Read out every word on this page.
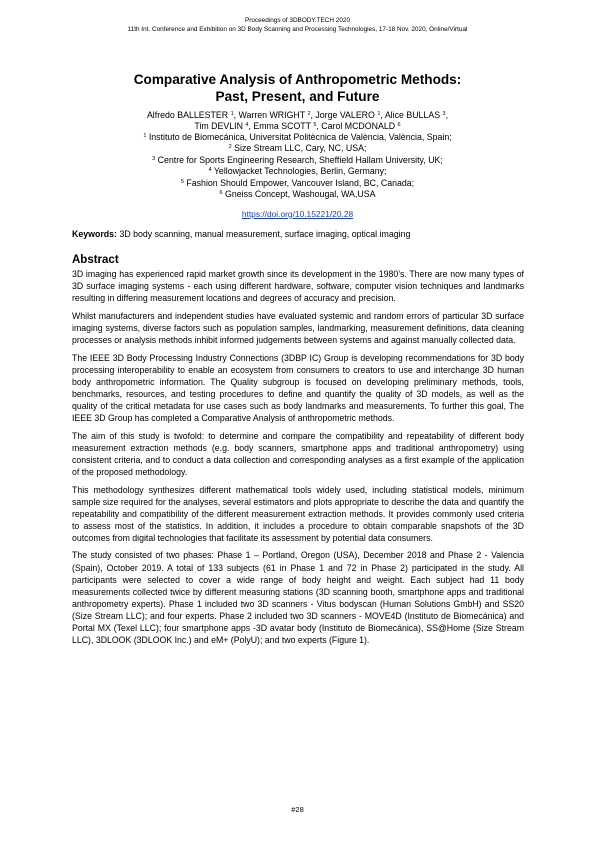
Proceedings of 3DBODY.TECH 2020
11th Int. Conference and Exhibition on 3D Body Scanning and Processing Technologies, 17-18 Nov. 2020, Online/Virtual
Comparative Analysis of Anthropometric Methods:
Past, Present, and Future
Alfredo BALLESTER $^1$, Warren WRIGHT $^2$, Jorge VALERO $^1$, Alice BULLAS $^3$,
Tim DEVLIN $^4$, Emma SCOTT $^5$, Carol MCDONALD $^6$
$^1$ Instituto de Biomecánica, Universitat Politècnica de València, València, Spain;
$^2$ Size Stream LLC, Cary, NC, USA;
$^3$ Centre for Sports Engineering Research, Sheffield Hallam University, UK;
$^4$ Yellowjacket Technologies, Berlin, Germany;
$^5$ Fashion Should Empower, Vancouver Island, BC, Canada;
$^6$ Gneiss Concept, Washougal, WA,USA
https://doi.org/10.15221/20.28
Keywords: 3D body scanning, manual measurement, surface imaging, optical imaging
Abstract

3D imaging has experienced rapid market growth since its development in the 1980’s. There are now many types of 3D surface imaging systems - each using different hardware, software, computer vision techniques and landmarks resulting in differing measurement locations and degrees of accuracy and precision.

Whilst manufacturers and independent studies have evaluated systemic and random errors of particular 3D surface imaging systems, diverse factors such as population samples, landmarking, measurement definitions, data cleaning processes or analysis methods inhibit informed judgements between systems and against manually collected data.

The IEEE 3D Body Processing Industry Connections (3DBP IC) Group is developing recommendations for 3D body processing interoperability to enable an ecosystem from consumers to creators to use and interchange 3D human body anthropometric information. The Quality subgroup is focused on developing preliminary methods, tools, benchmarks, resources, and testing procedures to define and quantify the quality of 3D models, as well as the quality of the critical metadata for use cases such as body landmarks and measurements. To further this goal, The IEEE 3D Group has completed a Comparative Analysis of anthropometric methods.

The aim of this study is twofold: to determine and compare the compatibility and repeatability of different body measurement extraction methods (e.g. body scanners, smartphone apps and traditional anthropometry) using consistent criteria, and to conduct a data collection and corresponding analyses as a first example of the application of the proposed methodology.

This methodology synthesizes different mathematical tools widely used, including statistical models, minimum sample size required for the analyses, several estimators and plots appropriate to describe the data and quantify the repeatability and compatibility of the different measurement extraction methods. It provides commonly used criteria to assess most of the statistics. In addition, it includes a procedure to obtain comparable snapshots of the 3D outcomes from digital technologies that facilitate its assessment by potential data consumers.

The study consisted of two phases: Phase 1 – Portland, Oregon (USA), December 2018 and Phase 2 - Valencia (Spain), October 2019. A total of 133 subjects (61 in Phase 1 and 72 in Phase 2) participated in the study. All participants were selected to cover a wide range of body height and weight. Each subject had 11 body measurements collected twice by different measuring stations (3D scanning booth, smartphone apps and traditional anthropometry experts). Phase 1 included two 3D scanners - Vitus bodyscan (Human Solutions GmbH) and SS20 (Size Stream LLC); and four experts. Phase 2 included two 3D scanners - MOVE4D (Instituto de Biomecánica) and Portal MX (Texel LLC); four smartphone apps -3D avatar body (Instituto de Biomecánica), SS@Home (Size Stream LLC), 3DLOOK (3DLOOK Inc.) and eM+ (PolyU); and two experts (Figure 1).

#28
